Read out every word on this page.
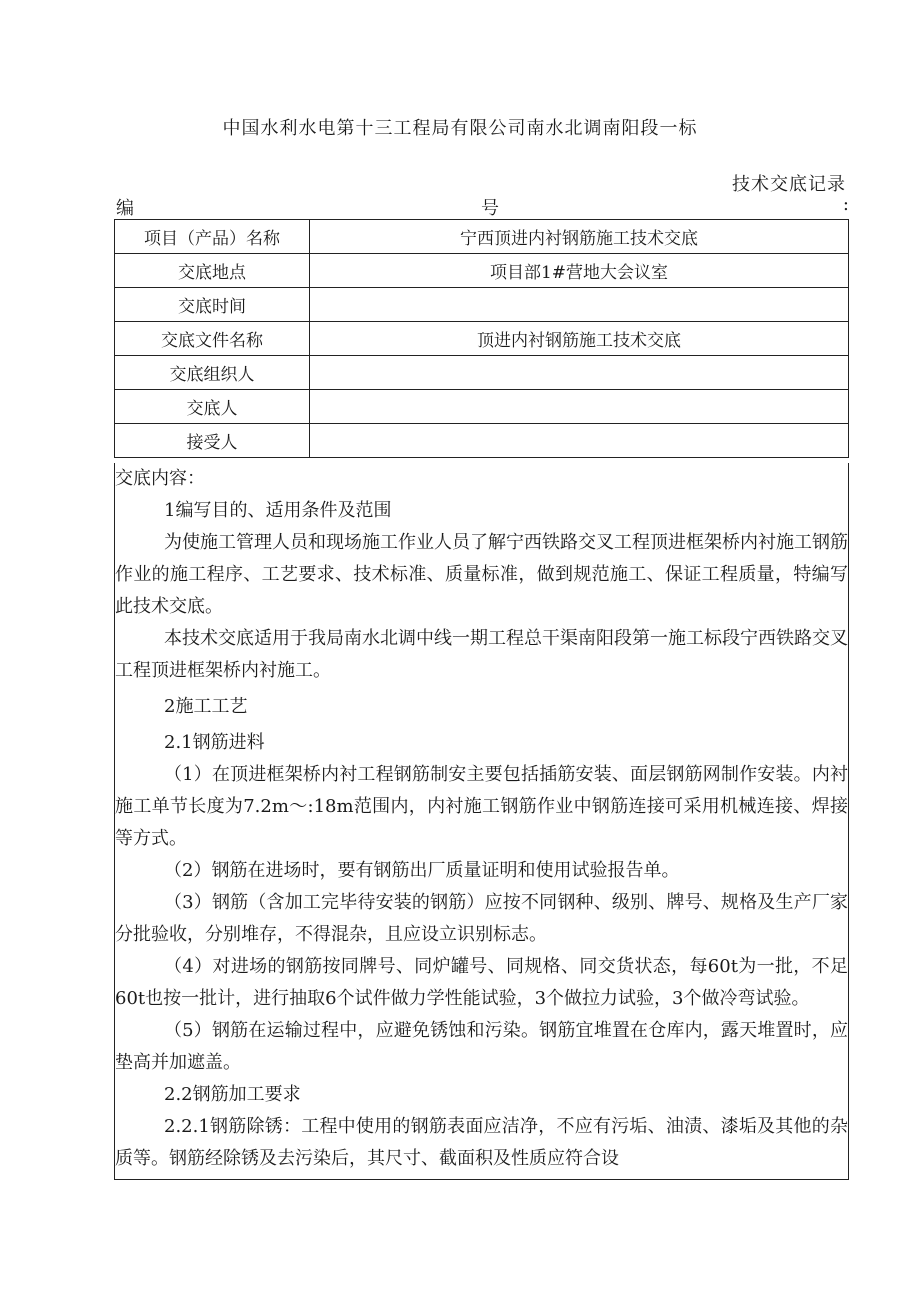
中国水利水电第十三工程局有限公司南水北调南阳段一标
技术交底记录
编	号	:
项目（产品）名称	宁西顶进内衬钢筋施工技术交底
交底地点	项目部1#营地大会议室
交底时间	
交底文件名称	顶进内衬钢筋施工技术交底
交底组织人	
交底人	
接受人	

交底内容：

1编写目的、适用条件及范围

为使施工管理人员和现场施工作业人员了解宁西铁路交叉工程顶进框架桥内衬施工钢筋作业的施工程序、工艺要求、技术标准、质量标准，做到规范施工、保证工程质量，特编写此技术交底。

本技术交底适用于我局南水北调中线一期工程总干渠南阳段第一施工标段宁西铁路交叉工程顶进框架桥内衬施工。

2施工工艺

2.1钢筋进料

（1）在顶进框架桥内衬工程钢筋制安主要包括插筋安装、面层钢筋网制作安装。内衬施工单节长度为7.2m～:18m范围内，内衬施工钢筋作业中钢筋连接可采用机械连接、焊接等方式。

（2）钢筋在进场时，要有钢筋出厂质量证明和使用试验报告单。

（3）钢筋（含加工完毕待安装的钢筋）应按不同钢种、级别、牌号、规格及生产厂家分批验收，分别堆存，不得混杂，且应设立识别标志。

（4）对进场的钢筋按同牌号、同炉罐号、同规格、同交货状态，每60t为一批，不足60t也按一批计，进行抽取6个试件做力学性能试验，3个做拉力试验，3个做冷弯试验。

（5）钢筋在运输过程中，应避免锈蚀和污染。钢筋宜堆置在仓库内，露天堆置时，应垫高并加遮盖。

2.2钢筋加工要求

2.2.1钢筋除锈：工程中使用的钢筋表面应洁净，不应有污垢、油渍、漆垢及其他的杂质等。钢筋经除锈及去污染后，其尺寸、截面积及性质应符合设
